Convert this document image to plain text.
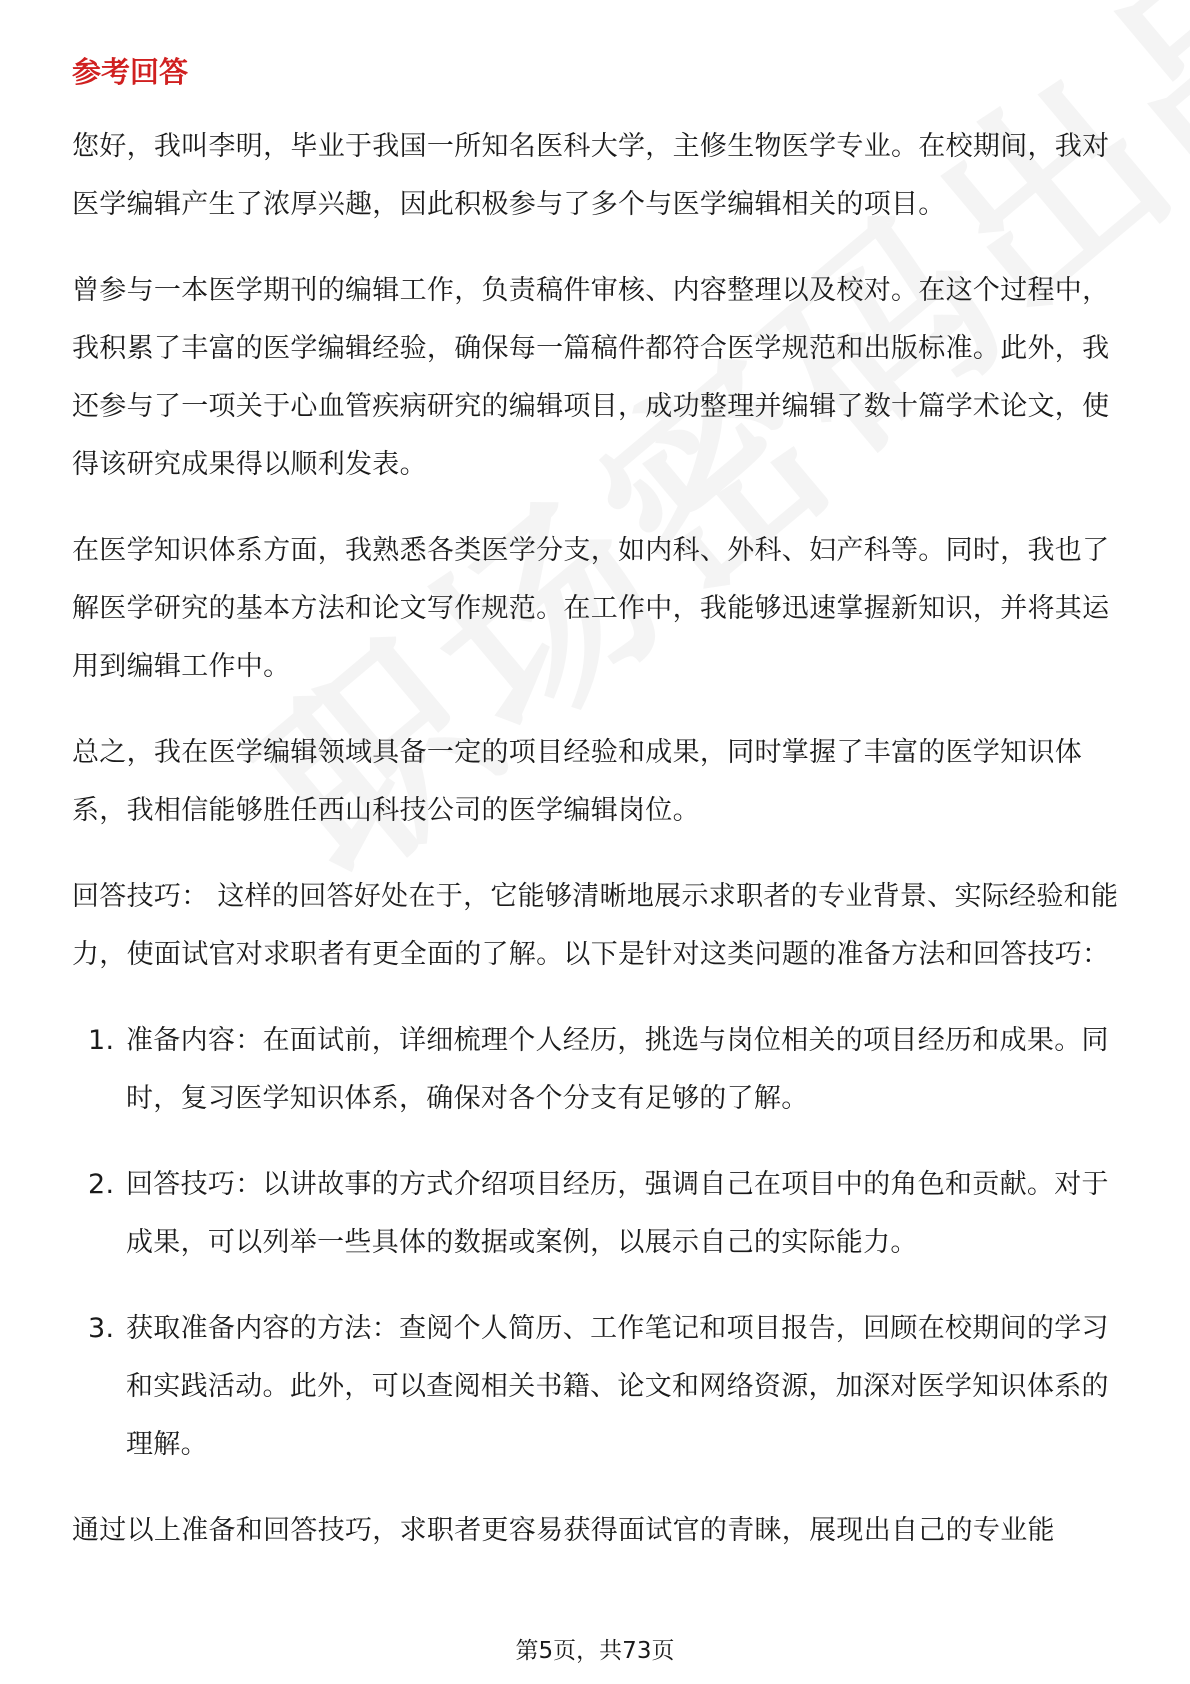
参考回答

您好，我叫李明，毕业于我国一所知名医科大学，主修生物医学专业。在校期间，我对医学编辑产生了浓厚兴趣，因此积极参与了多个与医学编辑相关的项目。

曾参与一本医学期刊的编辑工作，负责稿件审核、内容整理以及校对。在这个过程中，我积累了丰富的医学编辑经验，确保每一篇稿件都符合医学规范和出版标准。此外，我还参与了一项关于心血管疾病研究的编辑项目，成功整理并编辑了数十篇学术论文，使得该研究成果得以顺利发表。

在医学知识体系方面，我熟悉各类医学分支，如内科、外科、妇产科等。同时，我也了解医学研究的基本方法和论文写作规范。在工作中，我能够迅速掌握新知识，并将其运用到编辑工作中。

总之，我在医学编辑领域具备一定的项目经验和成果，同时掌握了丰富的医学知识体系，我相信能够胜任西山科技公司的医学编辑岗位。

回答技巧： 这样的回答好处在于，它能够清晰地展示求职者的专业背景、实际经验和能力，使面试官对求职者有更全面的了解。以下是针对这类问题的准备方法和回答技巧：

1. 准备内容：在面试前，详细梳理个人经历，挑选与岗位相关的项目经历和成果。同时，复习医学知识体系，确保对各个分支有足够的了解。
2. 回答技巧：以讲故事的方式介绍项目经历，强调自己在项目中的角色和贡献。对于成果，可以列举一些具体的数据或案例，以展示自己的实际能力。
3. 获取准备内容的方法：查阅个人简历、工作笔记和项目报告，回顾在校期间的学习和实践活动。此外，可以查阅相关书籍、论文和网络资源，加深对医学知识体系的理解。

通过以上准备和回答技巧，求职者更容易获得面试官的青睐，展现出自己的专业能

第5页，共73页
